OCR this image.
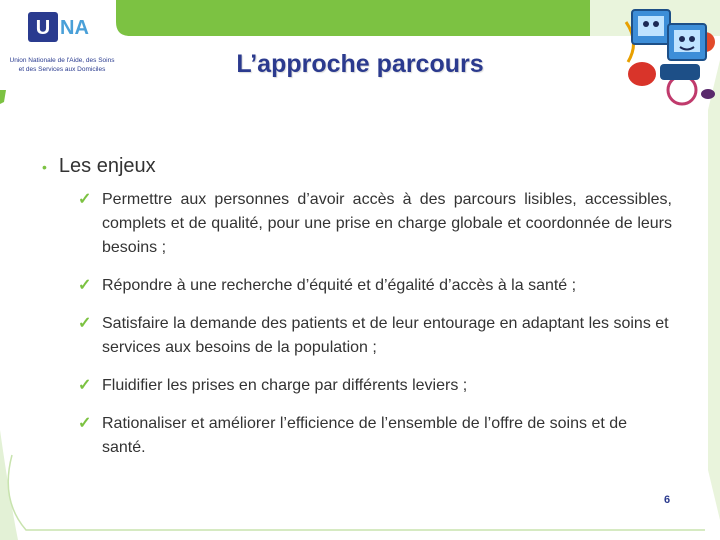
U NA
Union Nationale de l'Aide, des Soins
et des Services aux Domiciles	L’approche parcours
• Les enjeux
✓ Permettre aux personnes d’avoir accès à des parcours lisibles, accessibles, complets et de qualité, pour une prise en charge globale et coordonnée de leurs besoins ;
✓ Répondre à une recherche d’équité et d’égalité d’accès à la santé ;
✓ Satisfaire la demande des patients et de leur entourage en adaptant les soins et services aux besoins de la population ;
✓ Fluidifier les prises en charge par différents leviers ;
✓ Rationaliser et améliorer l’efficience de l’ensemble de l’offre de soins et de santé.
6
